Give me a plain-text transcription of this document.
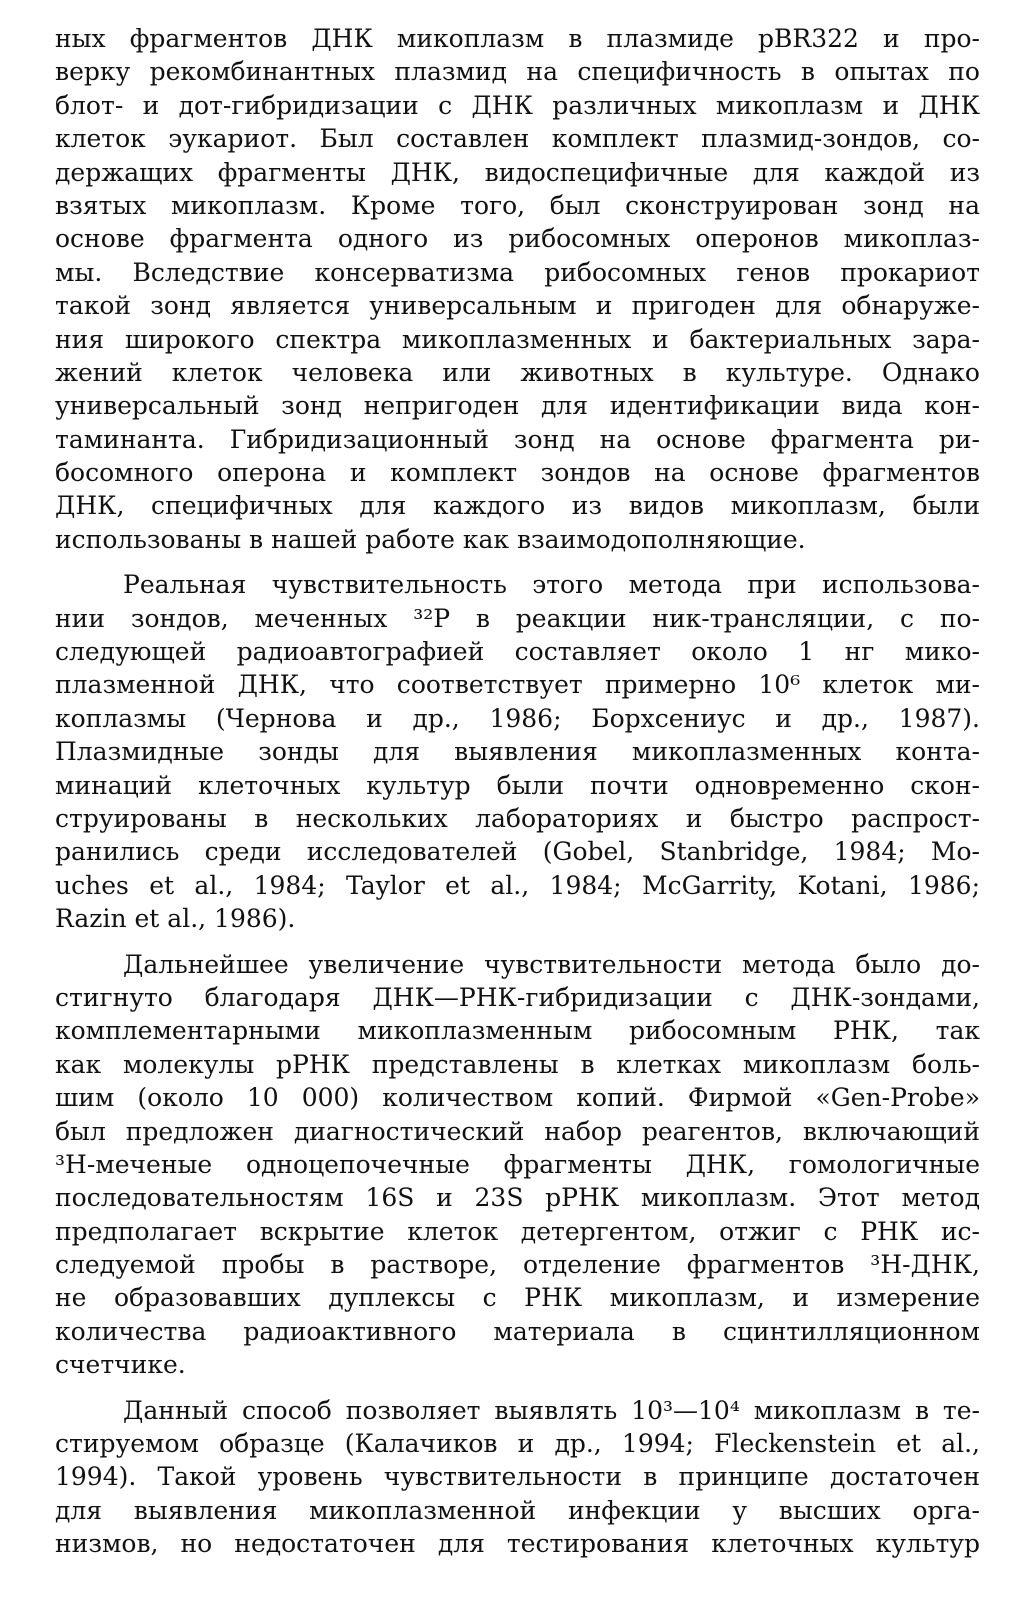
ных фрагментов ДНК микоплазм в плазмиде pBR322 и про-
верку рекомбинантных плазмид на специфичность в опытах по
блот- и дот-гибридизации с ДНК различных микоплазм и ДНК
клеток эукариот. Был составлен комплект плазмид-зондов, со-
держащих фрагменты ДНК, видоспецифичные для каждой из
взятых микоплазм. Кроме того, был сконструирован зонд на
основе фрагмента одного из рибосомных оперонов микоплаз-
мы. Вследствие консерватизма рибосомных генов прокариот
такой зонд является универсальным и пригоден для обнаруже-
ния широкого спектра микоплазменных и бактериальных зара-
жений клеток человека или животных в культуре. Однако
универсальный зонд непригоден для идентификации вида кон-
таминанта. Гибридизационный зонд на основе фрагмента ри-
босомного оперона и комплект зондов на основе фрагментов
ДНК, специфичных для каждого из видов микоплазм, были
использованы в нашей работе как взаимодополняющие.
Реальная чувствительность этого метода при использова-
нии зондов, меченных ³²P в реакции ник-трансляции, с по-
следующей радиоавтографией составляет около 1 нг мико-
плазменной ДНК, что соответствует примерно 10⁶ клеток ми-
коплазмы (Чернова и др., 1986; Борхсениус и др., 1987).
Плазмидные зонды для выявления микоплазменных конта-
минаций клеточных культур были почти одновременно скон-
струированы в нескольких лабораториях и быстро распрост-
ранились среди исследователей (Gobel, Stanbridge, 1984; Mo-
uches et al., 1984; Taylor et al., 1984; McGarrity, Kotani, 1986;
Razin et al., 1986).
Дальнейшее увеличение чувствительности метода было до-
стигнуто благодаря ДНК—РНК-гибридизации с ДНК-зондами,
комплементарными микоплазменным рибосомным РНК, так
как молекулы рРНК представлены в клетках микоплазм боль-
шим (около 10 000) количеством копий. Фирмой «Gen-Probe»
был предложен диагностический набор реагентов, включающий
³H-меченые одноцепочечные фрагменты ДНК, гомологичные
последовательностям 16S и 23S рРНК микоплазм. Этот метод
предполагает вскрытие клеток детергентом, отжиг с РНК ис-
следуемой пробы в растворе, отделение фрагментов ³H-ДНК,
не образовавших дуплексы с РНК микоплазм, и измерение
количества радиоактивного материала в сцинтилляционном
счетчике.
Данный способ позволяет выявлять 10³—10⁴ микоплазм в те-
стируемом образце (Калачиков и др., 1994; Fleckenstein et al.,
1994). Такой уровень чувствительности в принципе достаточен
для выявления микоплазменной инфекции у высших орга-
низмов, но недостаточен для тестирования клеточных культур
